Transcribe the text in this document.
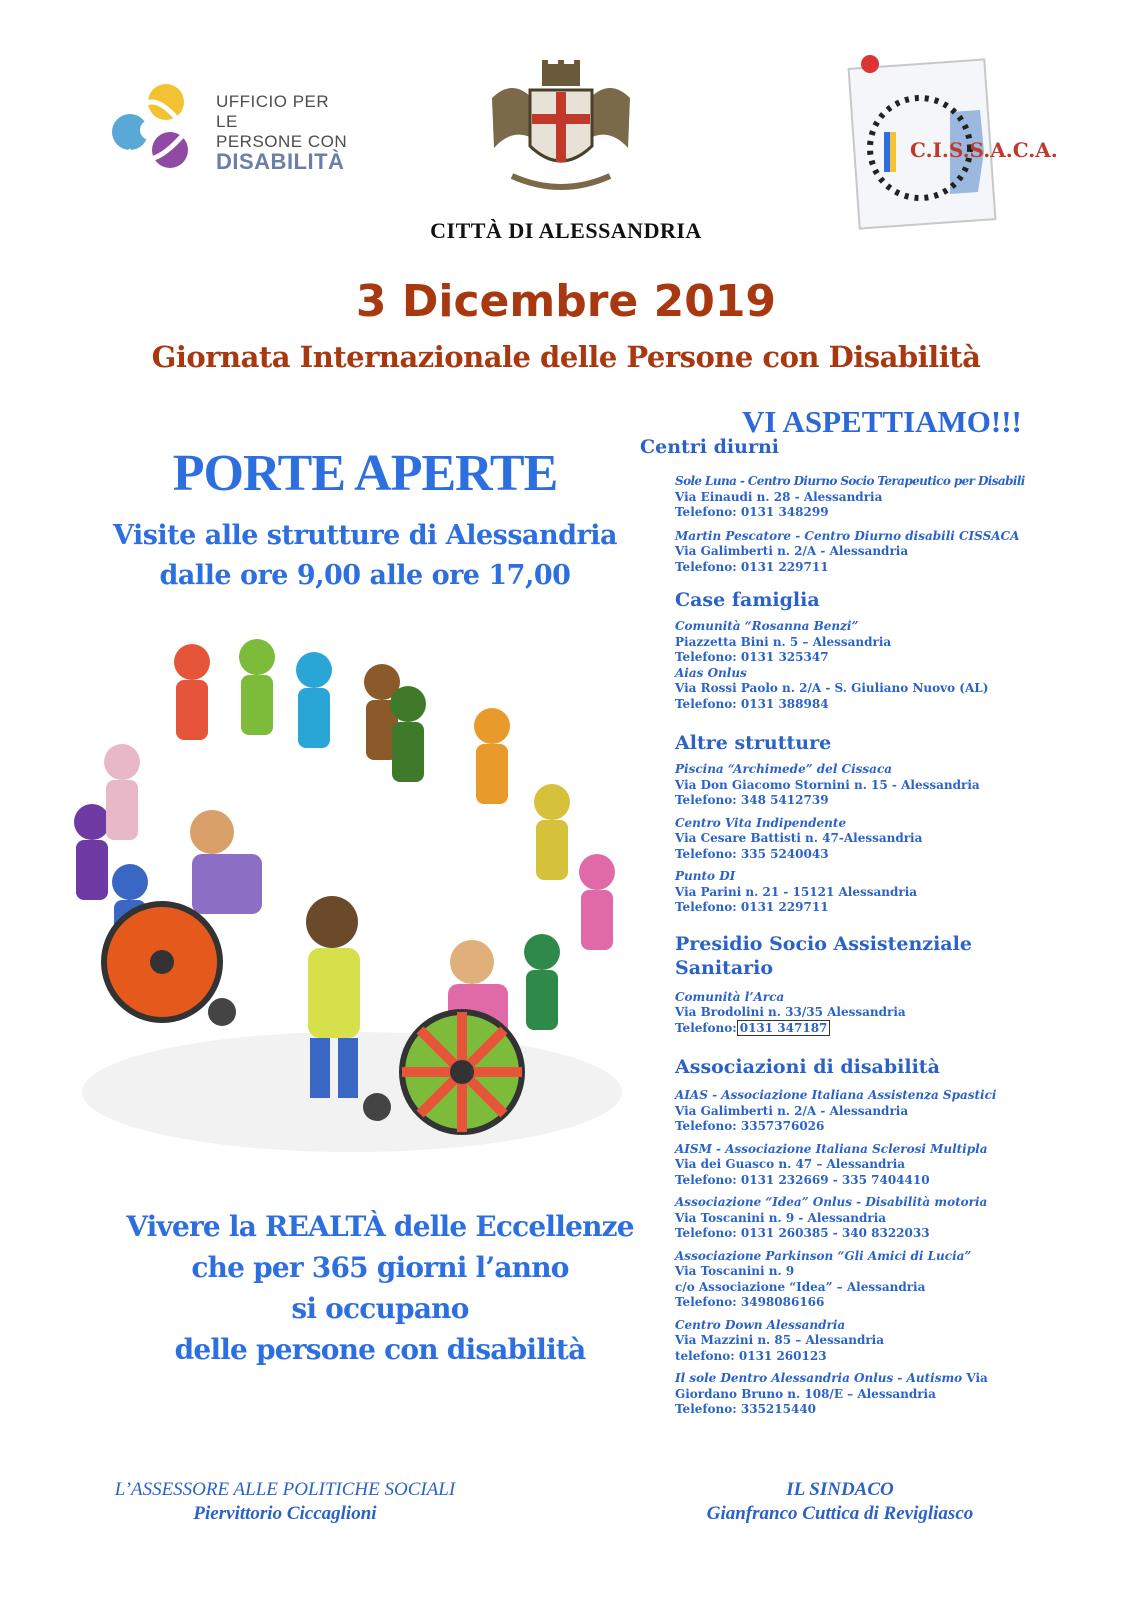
UFFICIO PER LE
PERSONE CON
DISABILITÀ	C.I.S.S.A.C.A.
CITTÀ DI ALESSANDRIA
3 Dicembre 2019
Giornata Internazionale delle Persone con Disabilità
VI ASPETTIAMO!!!
PORTE APERTE
Visite alle strutture di Alessandria
dalle ore 9,00 alle ore 17,00
Vivere la REALTÀ delle Eccellenze
che per 365 giorni l’anno
si occupano
delle persone con disabilità
Centri diurni
Sole Luna - Centro Diurno Socio Terapeutico per Disabili
Via Einaudi n. 28 - Alessandria
Telefono: 0131 348299
Martin Pescatore - Centro Diurno disabili CISSACA
Via Galimberti n. 2/A - Alessandria
Telefono: 0131 229711
Case famiglia
Comunità “Rosanna Benzi”
Piazzetta Bini n. 5 – Alessandria
Telefono: 0131 325347
Aias Onlus
Via Rossi Paolo n. 2/A - S. Giuliano Nuovo (AL)
Telefono: 0131 388984
Altre strutture
Piscina “Archimede” del Cissaca
Via Don Giacomo Stornini n. 15 - Alessandria
Telefono: 348 5412739
Centro Vita Indipendente
Via Cesare Battisti n. 47-Alessandria
Telefono: 335 5240043
Punto DI
Via Parini n. 21 - 15121 Alessandria
Telefono: 0131 229711
Presidio Socio Assistenziale
Sanitario
Comunità l’Arca
Via Brodolini n. 33/35 Alessandria
Telefono: 0131 347187
Associazioni di disabilità
AIAS - Associazione Italiana Assistenza Spastici
Via Galimberti n. 2/A - Alessandria
Telefono: 3357376026
AISM - Associazione Italiana Sclerosi Multipla
Via dei Guasco n. 47 – Alessandria
Telefono: 0131 232669 - 335 7404410
Associazione “Idea” Onlus - Disabilità motoria
Via Toscanini n. 9 - Alessandria
Telefono: 0131 260385 - 340 8322033
Associazione Parkinson “Gli Amici di Lucia”
Via Toscanini n. 9
c/o Associazione “Idea” – Alessandria
Telefono: 3498086166
Centro Down Alessandria
Via Mazzini n. 85 – Alessandria
telefono: 0131 260123
Il sole Dentro Alessandria Onlus - Autismo Via
Giordano Bruno n. 108/E – Alessandria
Telefono: 335215440
L’ASSESSORE ALLE POLITICHE SOCIALI
Piervittorio Ciccaglioni
IL SINDACO
Gianfranco Cuttica di Revigliasco
